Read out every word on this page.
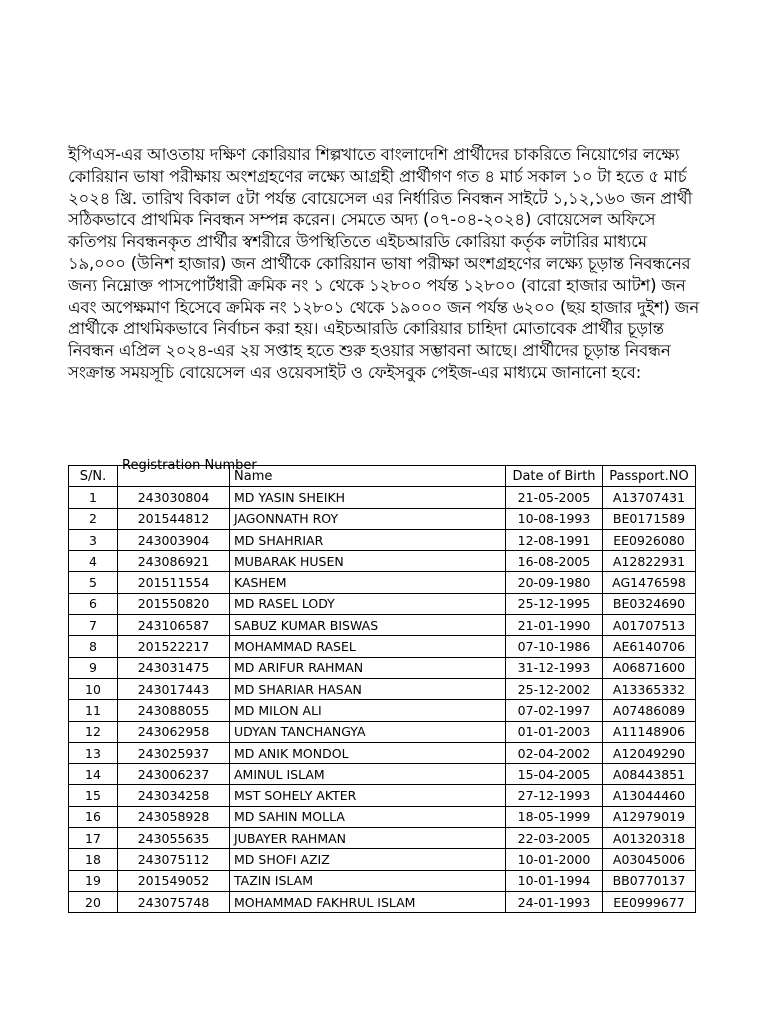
ইপিএস-এর আওতায় দক্ষিণ কোরিয়ার শিল্পখাতে বাংলাদেশি প্রার্থীদের চাকরিতে নিয়োগের লক্ষ্যে কোরিয়ান ভাষা পরীক্ষায় অংশগ্রহণের লক্ষ্যে আগ্রহী প্রার্থীগণ গত ৪ মার্চ সকাল ১০ টা হতে ৫ মার্চ ২০২৪ খ্রি. তারিখ বিকাল ৫টা পর্যন্ত বোয়েসেল এর নির্ধারিত নিবন্ধন সাইটে ১,১২,১৬০ জন প্রার্থী সঠিকভাবে প্রাথমিক নিবন্ধন সম্পন্ন করেন। সেমতে অদ্য (০৭-০৪-২০২৪) বোয়েসেল অফিসে কতিপয় নিবন্ধনকৃত প্রার্থীর স্বশরীরে উপস্থিতিতে এইচআরডি কোরিয়া কর্তৃক লটারির মাধ্যমে ১৯,০০০ (উনিশ হাজার) জন প্রার্থীকে কোরিয়ান ভাষা পরীক্ষা অংশগ্রহণের লক্ষ্যে চূড়ান্ত নিবন্ধনের জন্য নিম্নোক্ত পাসপোর্টধারী ক্রমিক নং ১ থেকে ১২৮০০ পর্যন্ত ১২৮০০ (বারো হাজার আটশ) জন এবং অপেক্ষমাণ হিসেবে ক্রমিক নং ১২৮০১ থেকে ১৯০০০ জন পর্যন্ত ৬২০০ (ছয় হাজার দুইশ) জন প্রার্থীকে প্রাথমিকভাবে নির্বাচন করা হয়। এইচআরডি কোরিয়ার চাহিদা মোতাবেক প্রার্থীর চূড়ান্ত নিবন্ধন এপ্রিল ২০২৪-এর ২য় সপ্তাহ হতে শুরু হওয়ার সম্ভাবনা আছে। প্রার্থীদের চূড়ান্ত নিবন্ধন সংক্রান্ত সময়সূচি বোয়েসেল এর ওয়েবসাইট ও ফেইসবুক পেইজ-এর মাধ্যমে জানানো হবে:

S/N.	Registration Number	Name	Date of Birth	Passport.NO
1	243030804	MD YASIN SHEIKH	21-05-2005	A13707431
2	201544812	JAGONNATH ROY	10-08-1993	BE0171589
3	243003904	MD SHAHRIAR	12-08-1991	EE0926080
4	243086921	MUBARAK HUSEN	16-08-2005	A12822931
5	201511554	KASHEM	20-09-1980	AG1476598
6	201550820	MD RASEL LODY	25-12-1995	BE0324690
7	243106587	SABUZ KUMAR BISWAS	21-01-1990	A01707513
8	201522217	MOHAMMAD RASEL	07-10-1986	AE6140706
9	243031475	MD ARIFUR RAHMAN	31-12-1993	A06871600
10	243017443	MD SHARIAR HASAN	25-12-2002	A13365332
11	243088055	MD MILON ALI	07-02-1997	A07486089
12	243062958	UDYAN TANCHANGYA	01-01-2003	A11148906
13	243025937	MD ANIK MONDOL	02-04-2002	A12049290
14	243006237	AMINUL ISLAM	15-04-2005	A08443851
15	243034258	MST SOHELY AKTER	27-12-1993	A13044460
16	243058928	MD SAHIN MOLLA	18-05-1999	A12979019
17	243055635	JUBAYER RAHMAN	22-03-2005	A01320318
18	243075112	MD SHOFI AZIZ	10-01-2000	A03045006
19	201549052	TAZIN ISLAM	10-01-1994	BB0770137
20	243075748	MOHAMMAD FAKHRUL ISLAM	24-01-1993	EE0999677
